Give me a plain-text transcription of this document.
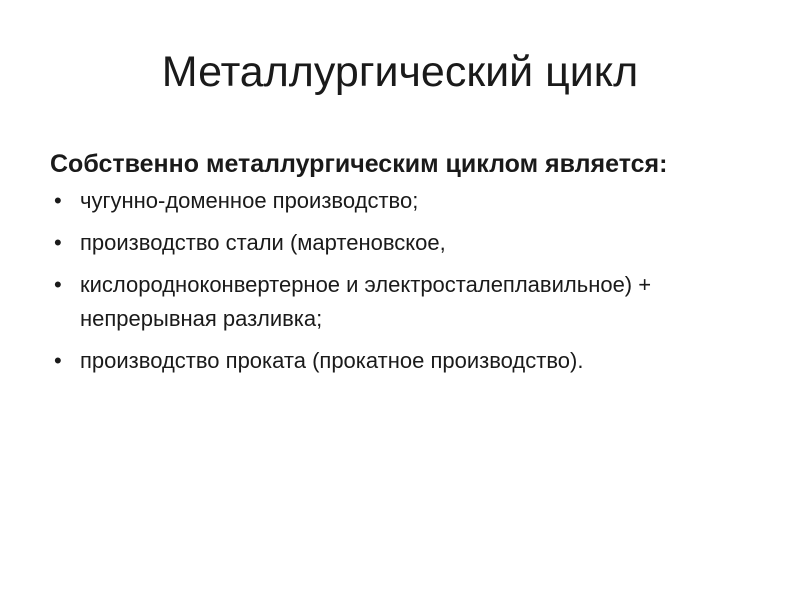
Металлургический цикл

Собственно металлургическим циклом является:

• чугунно-доменное производство;
• производство стали (мартеновское,
• кислородноконвертерное и электросталеплавильное) + непрерывная разливка;
• производство проката (прокатное производство).
